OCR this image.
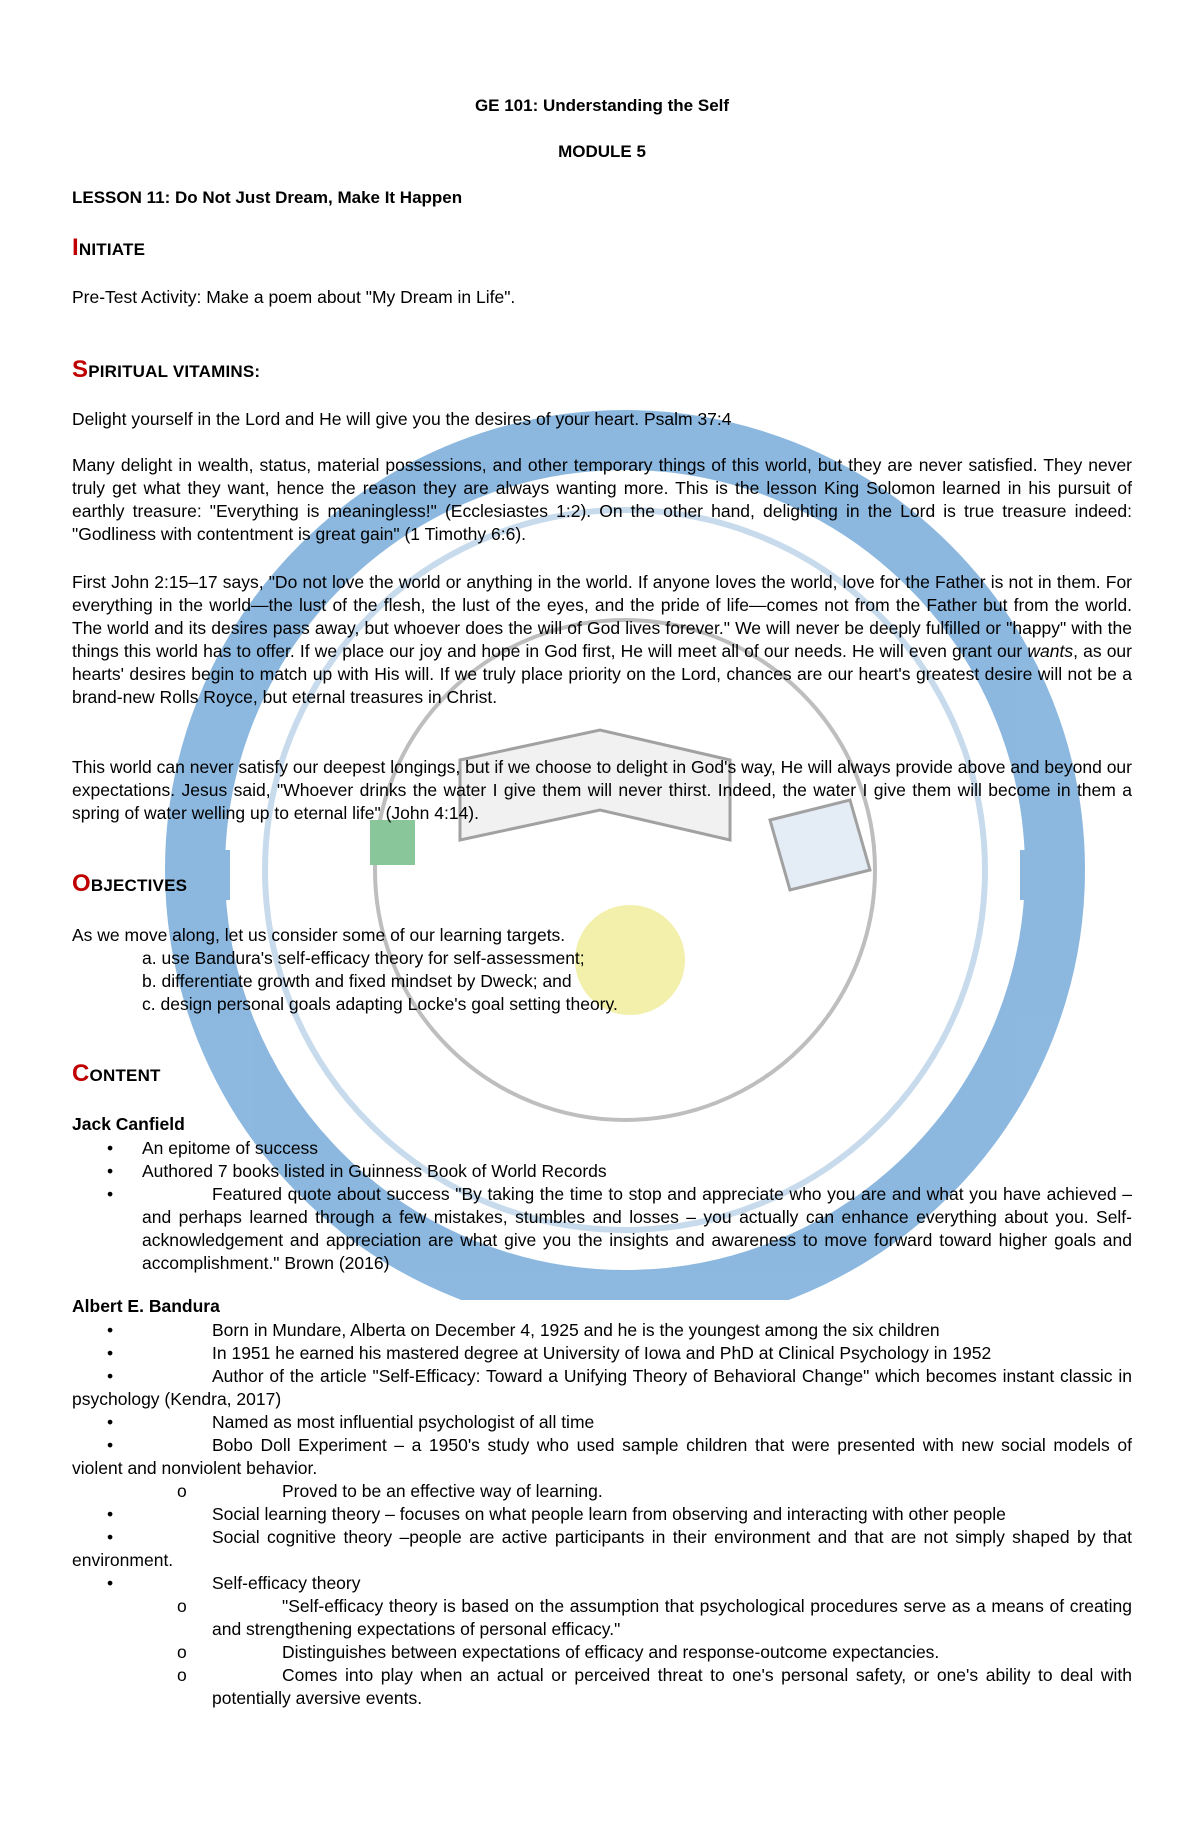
GE 101: Understanding the Self
MODULE 5
LESSON 11: Do Not Just Dream, Make It Happen
INITIATE
Pre-Test Activity: Make a poem about "My Dream in Life".
SPIRITUAL VITAMINS:
Delight yourself in the Lord and He will give you the desires of your heart. Psalm 37:4
Many delight in wealth, status, material possessions, and other temporary things of this world, but they are never satisfied. They never truly get what they want, hence the reason they are always wanting more. This is the lesson King Solomon learned in his pursuit of earthly treasure: "Everything is meaningless!" (Ecclesiastes 1:2). On the other hand, delighting in the Lord is true treasure indeed: "Godliness with contentment is great gain" (1 Timothy 6:6).
First John 2:15–17 says, "Do not love the world or anything in the world. If anyone loves the world, love for the Father is not in them. For everything in the world—the lust of the flesh, the lust of the eyes, and the pride of life—comes not from the Father but from the world. The world and its desires pass away, but whoever does the will of God lives forever." We will never be deeply fulfilled or "happy" with the things this world has to offer. If we place our joy and hope in God first, He will meet all of our needs. He will even grant our wants, as our hearts' desires begin to match up with His will. If we truly place priority on the Lord, chances are our heart's greatest desire will not be a brand-new Rolls Royce, but eternal treasures in Christ.
This world can never satisfy our deepest longings, but if we choose to delight in God's way, He will always provide above and beyond our expectations. Jesus said, "Whoever drinks the water I give them will never thirst. Indeed, the water I give them will become in them a spring of water welling up to eternal life" (John 4:14).
OBJECTIVES
As we move along, let us consider some of our learning targets.
a. use Bandura's self-efficacy theory for self-assessment;
b. differentiate growth and fixed mindset by Dweck; and
c. design personal goals adapting Locke's goal setting theory.
CONTENT
Jack Canfield
• An epitome of success
• Authored 7 books listed in Guinness Book of World Records
•	Featured quote about success "By taking the time to stop and appreciate who you are and what you have achieved – and perhaps learned through a few mistakes, stumbles and losses – you actually can enhance everything about you. Self-acknowledgement and appreciation are what give you the insights and awareness to move forward toward higher goals and accomplishment." Brown (2016)
Albert E. Bandura
•	Born in Mundare, Alberta on December 4, 1925 and he is the youngest among the six children
•	In 1951 he earned his mastered degree at University of Iowa and PhD at Clinical Psychology in 1952
•	Author of the article "Self-Efficacy: Toward a Unifying Theory of Behavioral Change" which becomes instant classic in psychology (Kendra, 2017)
•	Named as most influential psychologist of all time
•	Bobo Doll Experiment – a 1950's study who used sample children that were presented with new social models of violent and nonviolent behavior.
o	Proved to be an effective way of learning.
•	Social learning theory – focuses on what people learn from observing and interacting with other people
•	Social cognitive theory –people are active participants in their environment and that are not simply shaped by that environment.
•	Self-efficacy theory
o	"Self-efficacy theory is based on the assumption that psychological procedures serve as a means of creating and strengthening expectations of personal efficacy."
o	Distinguishes between expectations of efficacy and response-outcome expectancies.
o	Comes into play when an actual or perceived threat to one's personal safety, or one's ability to deal with potentially aversive events.
